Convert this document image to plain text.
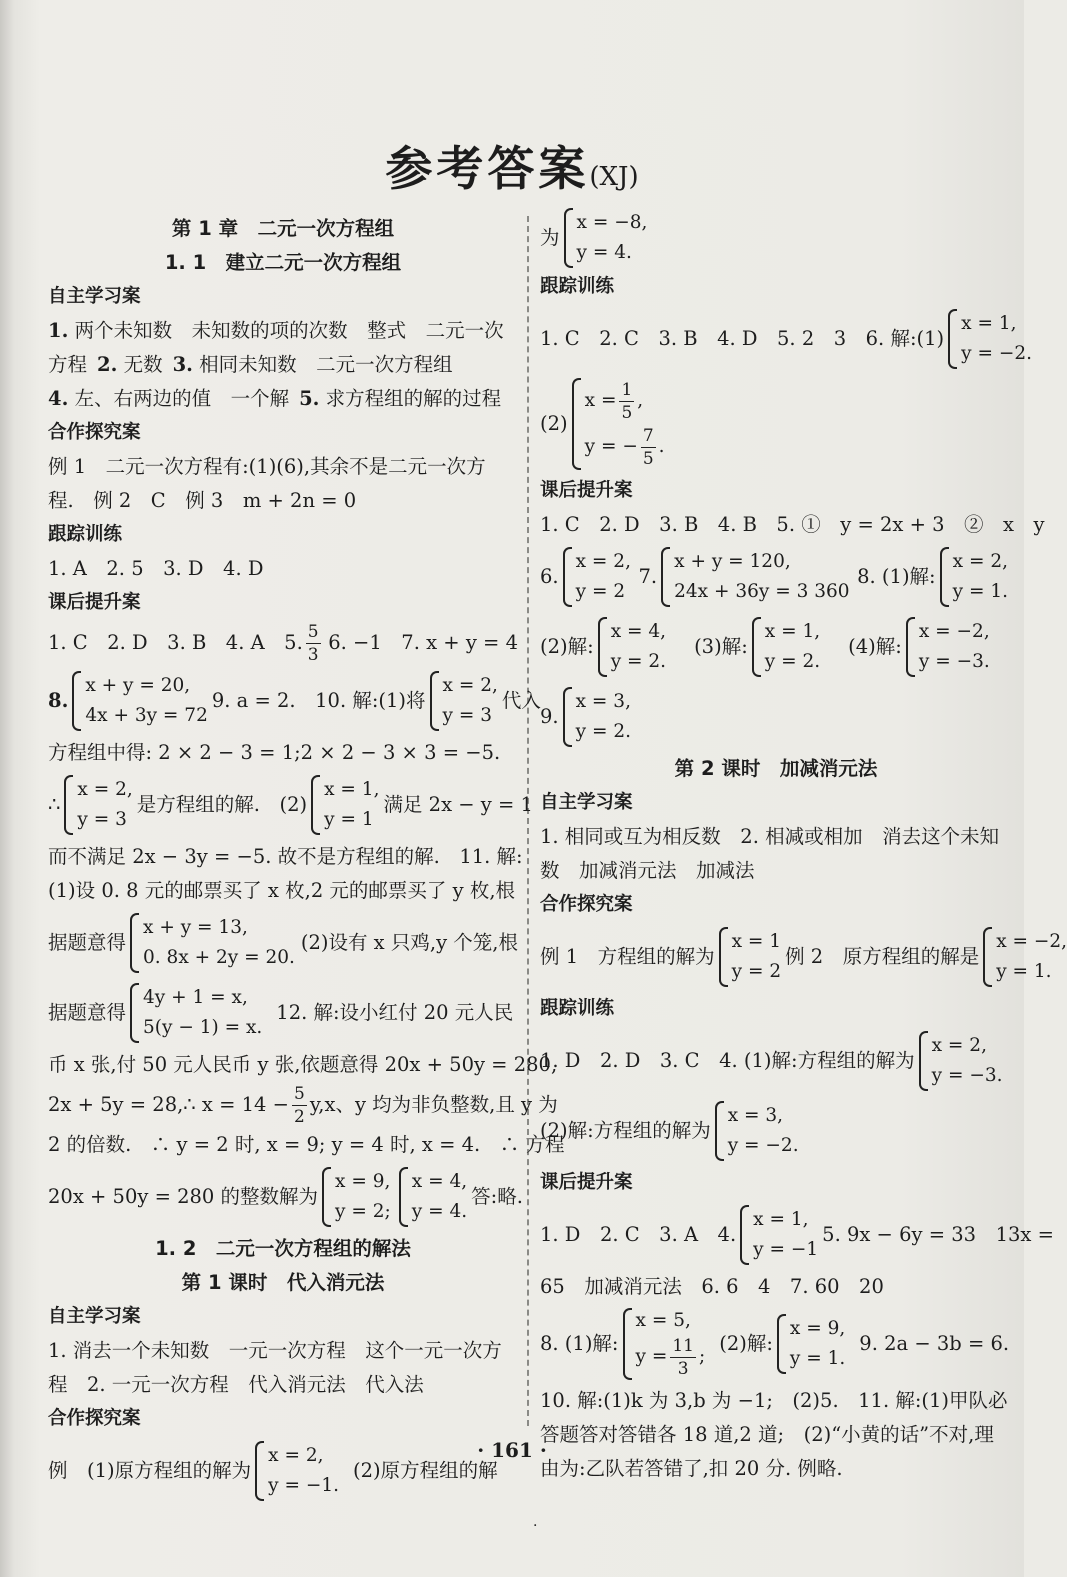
参考答案(XJ)
第 1 章　二元一次方程组
1. 1　建立二元一次方程组
自主学习案
1.
两个未知数　未知数的项的次数　整式　二元一次
方程 2.
无数 3.
相同未知数　二元一次方程组
4.
左、右两边的值　一个解 5.
求方程组的解的过程
合作探究案
例 1　二元一次方程有:(1)(6),其余不是二元一次方
程.　例 2　C　例 3　m + 2n = 0
跟踪训练
1. A　2. 5　3. D　4. D
课后提升案
1. C　2. D　3. B　4. A　5. $\frac{5}{3} 6$. −1　7. x + y = 4
8.
x + y = 20,
4x + 3y = 72
9. a = 2.　10. 解:(1)将
x = 2,
y = 3
代入
方程组中得: 2 × 2 − 3 = 1;2 × 2 − 3 × 3 = −5.
∴
x = 2,
y = 3
是方程组的解.　(2)
x = 1,
y = 1
满足 2x − y = 1
而不满足 2x − 3y = −5. 故不是方程组的解.　11. 解:
(1)设 0. 8 元的邮票买了 x 枚,2 元的邮票买了 y 枚,根
据题意得
x + y = 13,
0. 8x + 2y = 20.
(2)设有 x 只鸡,y 个笼,根
据题意得
4y + 1 = x,
5(y − 1) = x.
12. 解:设小红付 20 元人民
币 x 张,付 50 元人民币 y 张,依题意得 20x + 50y = 280,
2x + 5y = 28,∴ $x = 14 - \frac{5}{2} y,x$、y 均为非负整数,且 y 为
2 的倍数.　∴ y = 2 时, x = 9; y = 4 时, x = 4.　∴ 方程
20x + 50y = 280 的整数解为
x = 9,
y = 2;
x = 4,
y = 4.
答:略.
1. 2　二元一次方程组的解法
第 1 课时　代入消元法
自主学习案
1. 消去一个未知数　一元一次方程　这个一元一次方
程　2. 一元一次方程　代入消元法　代入法
合作探究案
例　(1)原方程组的解为
x = 2,
y = −1.
(2)原方程组的解
为
x = −8,
y = 4.
跟踪训练
1. C　2. C　3. B　4. D　5. 2　3　6. 解:(1)
x = 1,
y = −2.
(2)
$x = \frac{1}{5}$ ,
y = − $\frac{7}{5}$ .
课后提升案
1. C　2. D　3. B　4. B　5. ①　y = 2x + 3　②　x　y
6.
x = 2,
y = 2
7.
x + y = 120,
24x + 36y = 3 360
8. (1)解:
x = 2,
y = 1.
(2)解:
x = 4,
y = 2.
(3)解:
x = 1,
y = 2.
(4)解:
x = −2,
y = −3.
9.
x = 3,
y = 2.
第 2 课时　加减消元法
自主学习案
1. 相同或互为相反数　2. 相减或相加　消去这个未知
数　加减消元法　加减法
合作探究案
例 1　方程组的解为
x = 1
y = 2
例 2　原方程组的解是
x = −2,
y = 1.
跟踪训练
1. D　2. D　3. C　4. (1)解:方程组的解为
x = 2,
y = −3.
(2)解:方程组的解为
x = 3,
y = −2.
课后提升案
1. D　2. C　3. A　4.
x = 1,
y = −1
5. 9x − 6y = 33　13x =
65　加减消元法　6. 6　4　7. 60　20
8. (1)解:
x = 5,
$y = \frac{11}{3}$ ;
(2)解:
x = 9,
y = 1.
9. 2a − 3b = 6.
10. 解:(1)k 为 3,b 为 −1;　(2)5.　11. 解:(1)甲队必
答题答对答错各 18 道,2 道;　(2)“小黄的话”不对,理
由为:乙队若答错了,扣 20 分. 例略.
· 161 ·
·
